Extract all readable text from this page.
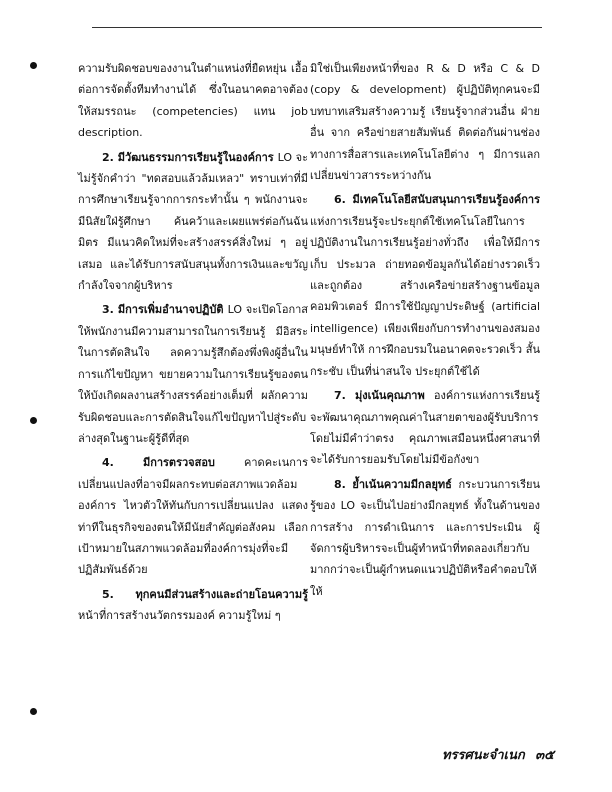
ความรับผิดชอบของงานในตำแหน่งที่ยืดหยุ่น เอื้อต่อการจัดตั้งทีมทำงานได้ ซึ่งในอนาคตอาจต้องให้สมรรถนะ (competencies) แทน job description.

2. มีวัฒนธรรมการเรียนรู้ในองค์การ LO จะไม่รู้จักคำว่า "ทดสอบแล้วล้มเหลว" ทราบเท่าที่มีการศึกษาเรียนรู้จากการกระทำนั้น ๆ พนักงานจะมีนิสัยใฝ่รู้ศึกษา ค้นคว้าและเผยแพร่ต่อกันฉันมิตร มีแนวคิดใหม่ที่จะสร้างสรรค์สิ่งใหม่ ๆ อยู่เสมอ และได้รับการสนับสนุนทั้งการเงินและขวัญกำลังใจจากผู้บริหาร

3. มีการเพิ่มอำนาจปฏิบัติ LO จะเปิดโอกาสให้พนักงานมีความสามารถในการเรียนรู้ มีอิสระในการตัดสินใจ ลดความรู้สึกต้องพึ่งพิงผู้อื่นในการแก้ไขปัญหา ขยายความในการเรียนรู้ของตนให้บังเกิดผลงานสร้างสรรค์อย่างเต็มที่ ผลักความรับผิดชอบและการตัดสินใจแก้ไขปัญหาไปสู่ระดับล่างสุดในฐานะผู้รู้ดีที่สุด

4. มีการตรวจสอบ คาดคะเนการเปลี่ยนแปลงที่อาจมีผลกระทบต่อสภาพแวดล้อมองค์การ ไหวตัวให้ทันกับการเปลี่ยนแปลง แสดงท่าทีในธุรกิจของตนให้มีนัยสำคัญต่อสังคม เลือกเป้าหมายในสภาพแวดล้อมที่องค์การมุ่งที่จะมีปฏิสัมพันธ์ด้วย

5. ทุกคนมีส่วนสร้างและถ่ายโอนความรู้ หน้าที่การสร้างนวัตกรรมองค์ ความรู้ใหม่ ๆ

มิใช่เป็นเพียงหน้าที่ของ R & D หรือ C & D (copy & development) ผู้ปฏิบัติทุกคนจะมีบทบาทเสริมสร้างความรู้ เรียนรู้จากส่วนอื่น ฝ่ายอื่น จาก ครือข่ายสายสัมพันธ์ ติดต่อกันผ่านช่องทางการสื่อสารและเทคโนโลยีต่าง ๆ มีการแลกเปลี่ยนข่าวสารระหว่างกัน

6. มีเทคโนโลยีสนับสนุนการเรียนรู้องค์การ แห่งการเรียนรู้จะประยุกต์ใช้เทคโนโลยีในการปฏิบัติงานในการเรียนรู้อย่างทั่วถึง เพื่อให้มีการเก็บ ประมวล ถ่ายทอดข้อมูลกันได้อย่างรวดเร็วและถูกต้อง สร้างเครือข่ายสร้างฐานข้อมูลคอมพิวเตอร์ มีการใช้ปัญญาประดิษฐ์ (artificial intelligence) เพียงเพียงกับการทำงานของสมองมนุษย์ทำให้ การฝึกอบรมในอนาคตจะรวดเร็ว สั้นกระชับ เป็นที่น่าสนใจ ประยุกต์ใช้ได้

7. มุ่งเน้นคุณภาพ องค์การแห่งการเรียนรู้จะพัฒนาคุณภาพคุณค่าในสายตาของผู้รับบริการโดยไม่มีคำว่าตรง คุณภาพเสมือนหนึ่งศาสนาที่จะได้รับการยอมรับโดยไม่มีข้อกังขา

8. ย้ำเน้นความมีกลยุทธ์ กระบวนการเรียนรู้ของ LO จะเป็นไปอย่างมีกลยุทธ์ ทั้งในด้านของการสร้าง การดำเนินการ และการประเมิน ผู้จัดการผู้บริหารจะเป็นผู้ทำหน้าที่ทดลองเกี่ยวกับมากกว่าจะเป็นผู้กำหนดแนวปฏิบัติหรือคำตอบให้ให้

ทรรศนะจำเนก ๓๕
